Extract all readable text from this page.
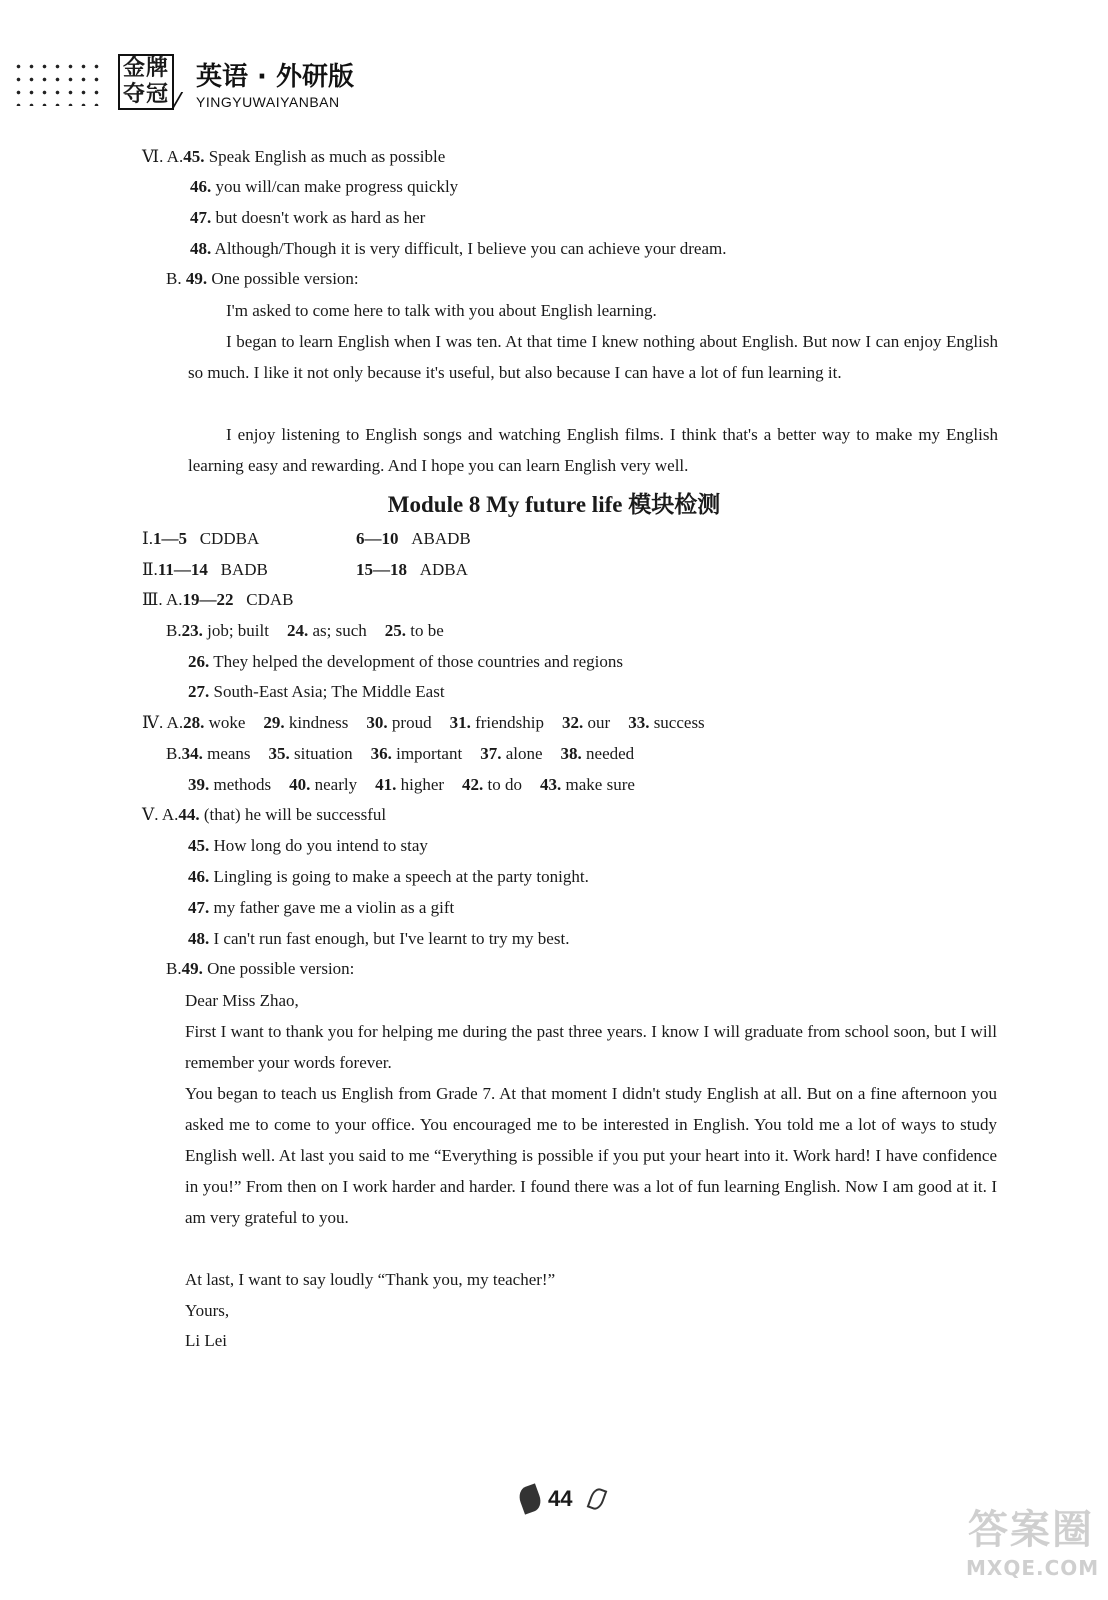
金牌
夺冠
英语 · 外研版
YINGYUWAIYANBAN
Ⅵ. A.45. Speak English as much as possible
46. you will/can make progress quickly
47. but doesn't work as hard as her
48. Although/Though it is very difficult, I believe you can achieve your dream.
B. 49. One possible version:
I'm asked to come here to talk with you about English learning.
I began to learn English when I was ten. At that time I knew nothing about English. But now I can enjoy English so much. I like it not only because it's useful, but also because I can have a lot of fun learning it.
I enjoy listening to English songs and watching English films. I think that's a better way to make my English learning easy and rewarding. And I hope you can learn English very well.
Module 8 My future life 模块检测
Ⅰ.1—5 CDDBA	6—10 ABADB
Ⅱ.11—14 BADB	15—18 ADBA
Ⅲ. A.19—22 CDAB
B.23. job; built 24. as; such 25. to be
26. They helped the development of those countries and regions
27. South-East Asia; The Middle East
Ⅳ. A.28. woke 29. kindness 30. proud 31. friendship 32. our 33. success
B.34. means 35. situation 36. important 37. alone 38. needed
39. methods 40. nearly 41. higher 42. to do 43. make sure
Ⅴ. A.44. (that) he will be successful
45. How long do you intend to stay
46. Lingling is going to make a speech at the party tonight.
47. my father gave me a violin as a gift
48. I can't run fast enough, but I've learnt to try my best.
B.49. One possible version:
Dear Miss Zhao,
First I want to thank you for helping me during the past three years. I know I will graduate from school soon, but I will remember your words forever.
You began to teach us English from Grade 7. At that moment I didn't study English at all. But on a fine afternoon you asked me to come to your office. You encouraged me to be interested in English. You told me a lot of ways to study English well. At last you said to me “Everything is possible if you put your heart into it. Work hard! I have confidence in you!” From then on I work harder and harder. I found there was a lot of fun learning English. Now I am good at it. I am very grateful to you.
At last, I want to say loudly “Thank you, my teacher!”
Yours,
Li Lei
44
答案圈
MXQE.COM
